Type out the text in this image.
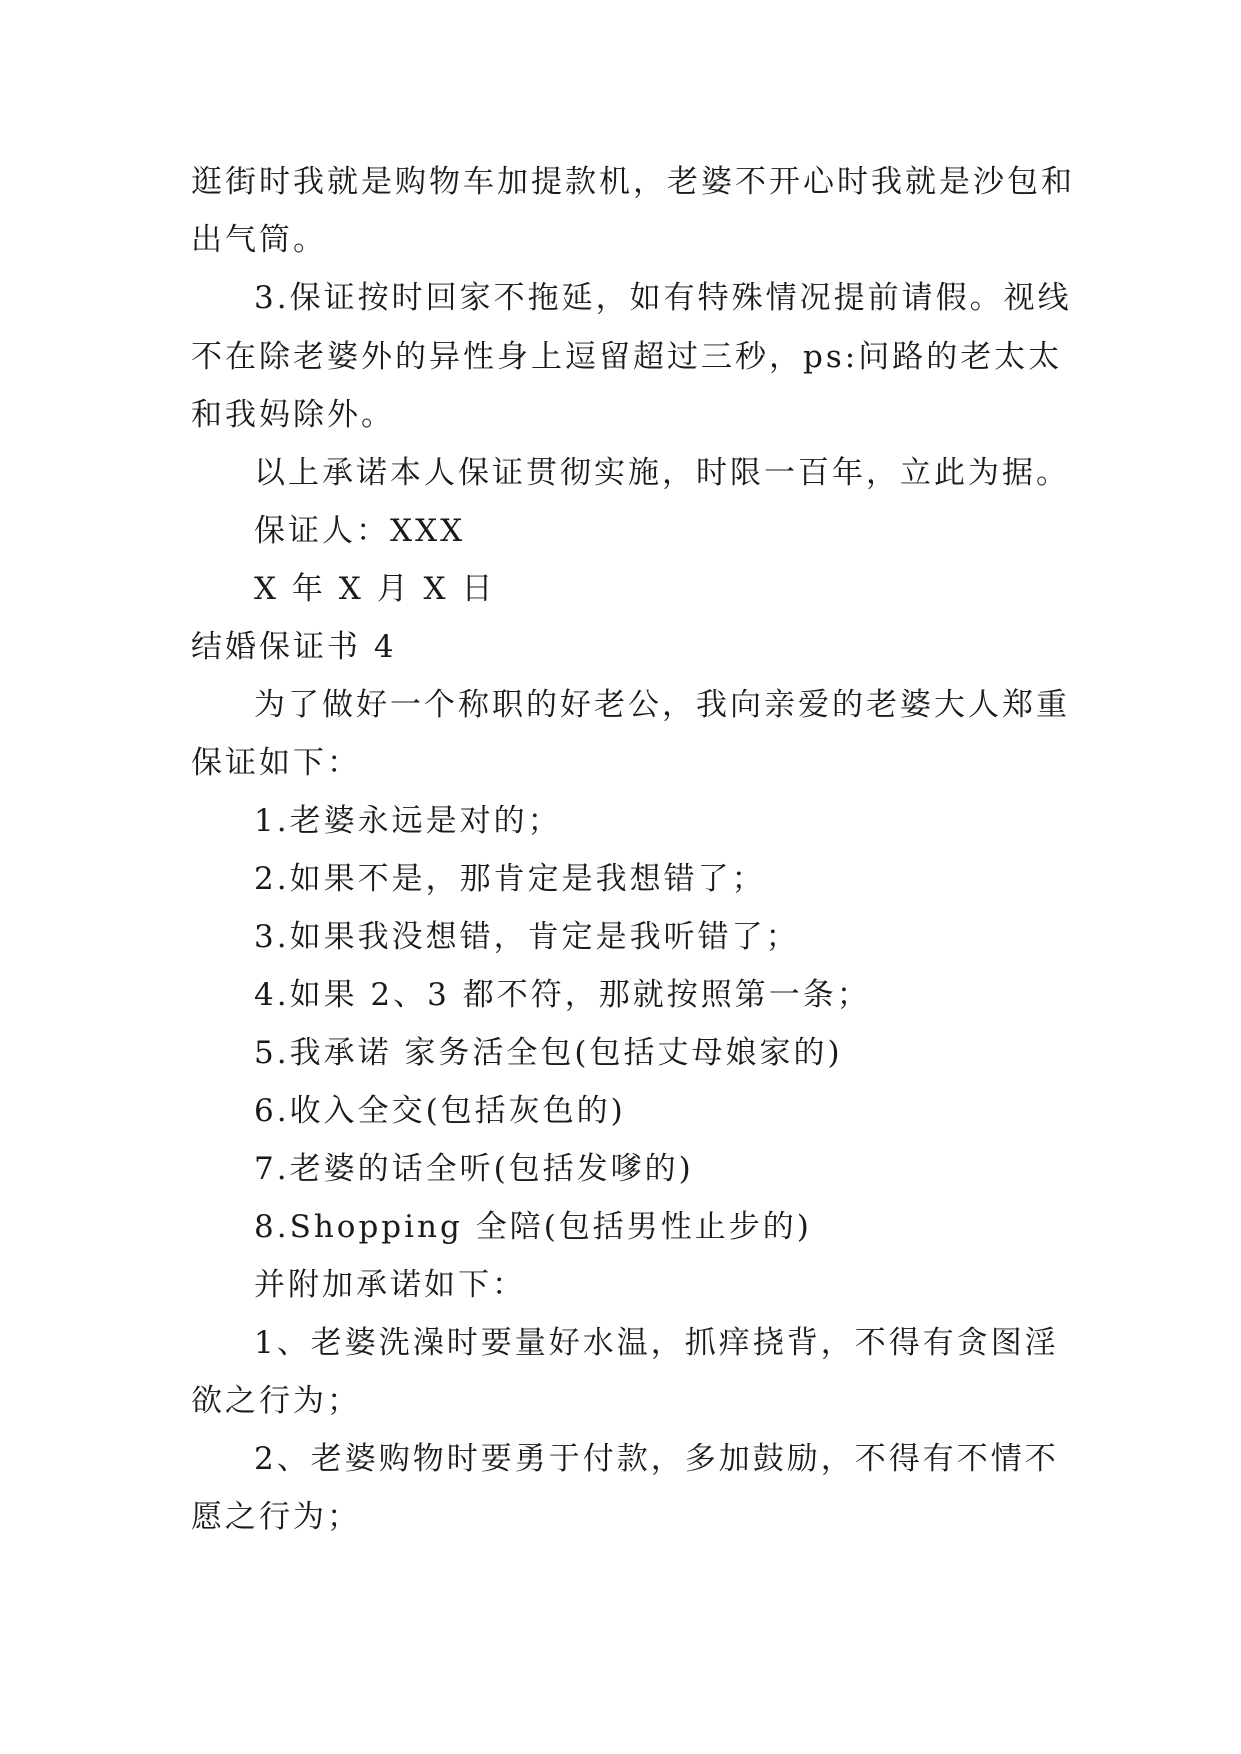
逛街时我就是购物车加提款机，老婆不开心时我就是沙包和
出气筒。
3.保证按时回家不拖延，如有特殊情况提前请假。视线
不在除老婆外的异性身上逗留超过三秒，ps:问路的老太太
和我妈除外。
以上承诺本人保证贯彻实施，时限一百年，立此为据。
保证人：XXX
X 年 X 月 X 日
结婚保证书 4
为了做好一个称职的好老公，我向亲爱的老婆大人郑重
保证如下：
1.老婆永远是对的；
2.如果不是，那肯定是我想错了；
3.如果我没想错，肯定是我听错了；
4.如果 2、3 都不符，那就按照第一条；
5.我承诺 家务活全包(包括丈母娘家的)
6.收入全交(包括灰色的)
7.老婆的话全听(包括发嗲的)
8.Shopping 全陪(包括男性止步的)
并附加承诺如下：
1、老婆洗澡时要量好水温，抓痒挠背，不得有贪图淫
欲之行为；
2、老婆购物时要勇于付款，多加鼓励，不得有不情不
愿之行为；
